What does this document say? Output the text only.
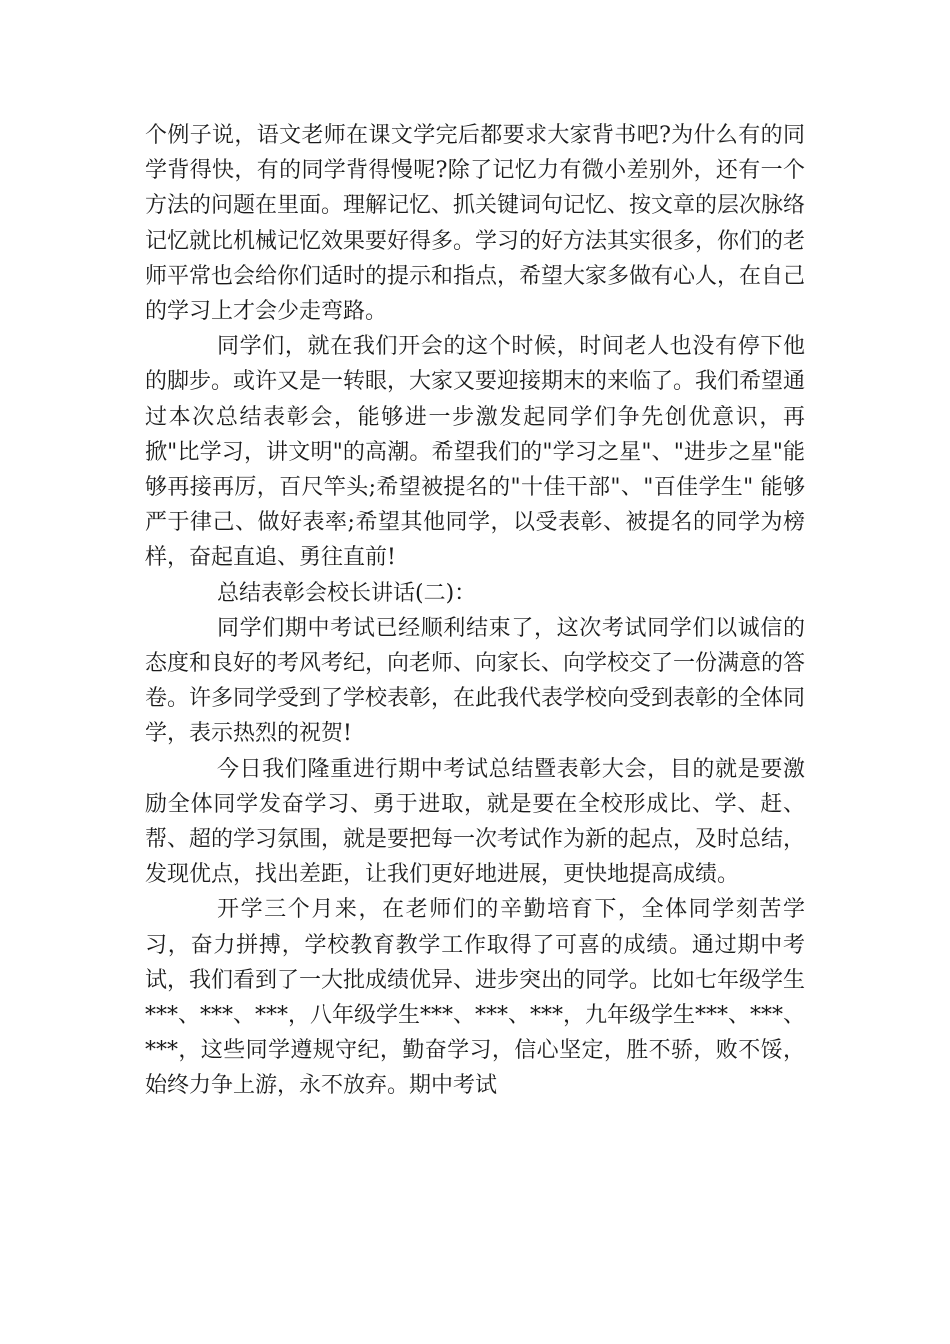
个例子说，语文老师在课文学完后都要求大家背书吧?为什么有的同学背得快，有的同学背得慢呢?除了记忆力有微小差别外，还有一个方法的问题在里面。理解记忆、抓关键词句记忆、按文章的层次脉络记忆就比机械记忆效果要好得多。学习的好方法其实很多，你们的老师平常也会给你们适时的提示和指点，希望大家多做有心人，在自己的学习上才会少走弯路。

同学们，就在我们开会的这个时候，时间老人也没有停下他的脚步。或许又是一转眼，大家又要迎接期末的来临了。我们希望通过本次总结表彰会，能够进一步激发起同学们争先创优意识，再掀"比学习，讲文明"的高潮。希望我们的"学习之星"、"进步之星"能够再接再厉，百尺竿头;希望被提名的"十佳干部"、"百佳学生" 能够严于律己、做好表率;希望其他同学，以受表彰、被提名的同学为榜样，奋起直追、勇往直前!

总结表彰会校长讲话(二)：

同学们期中考试已经顺利结束了，这次考试同学们以诚信的态度和良好的考风考纪，向老师、向家长、向学校交了一份满意的答卷。许多同学受到了学校表彰，在此我代表学校向受到表彰的全体同学，表示热烈的祝贺!

今日我们隆重进行期中考试总结暨表彰大会，目的就是要激励全体同学发奋学习、勇于进取，就是要在全校形成比、学、赶、帮、超的学习氛围，就是要把每一次考试作为新的起点，及时总结，发现优点，找出差距，让我们更好地进展，更快地提高成绩。

开学三个月来，在老师们的辛勤培育下，全体同学刻苦学习，奋力拼搏，学校教育教学工作取得了可喜的成绩。通过期中考试，我们看到了一大批成绩优异、进步突出的同学。比如七年级学生***、***、***，八年级学生***、***、***，九年级学生***、***、***，这些同学遵规守纪，勤奋学习，信心坚定，胜不骄，败不馁，始终力争上游，永不放弃。期中考试
